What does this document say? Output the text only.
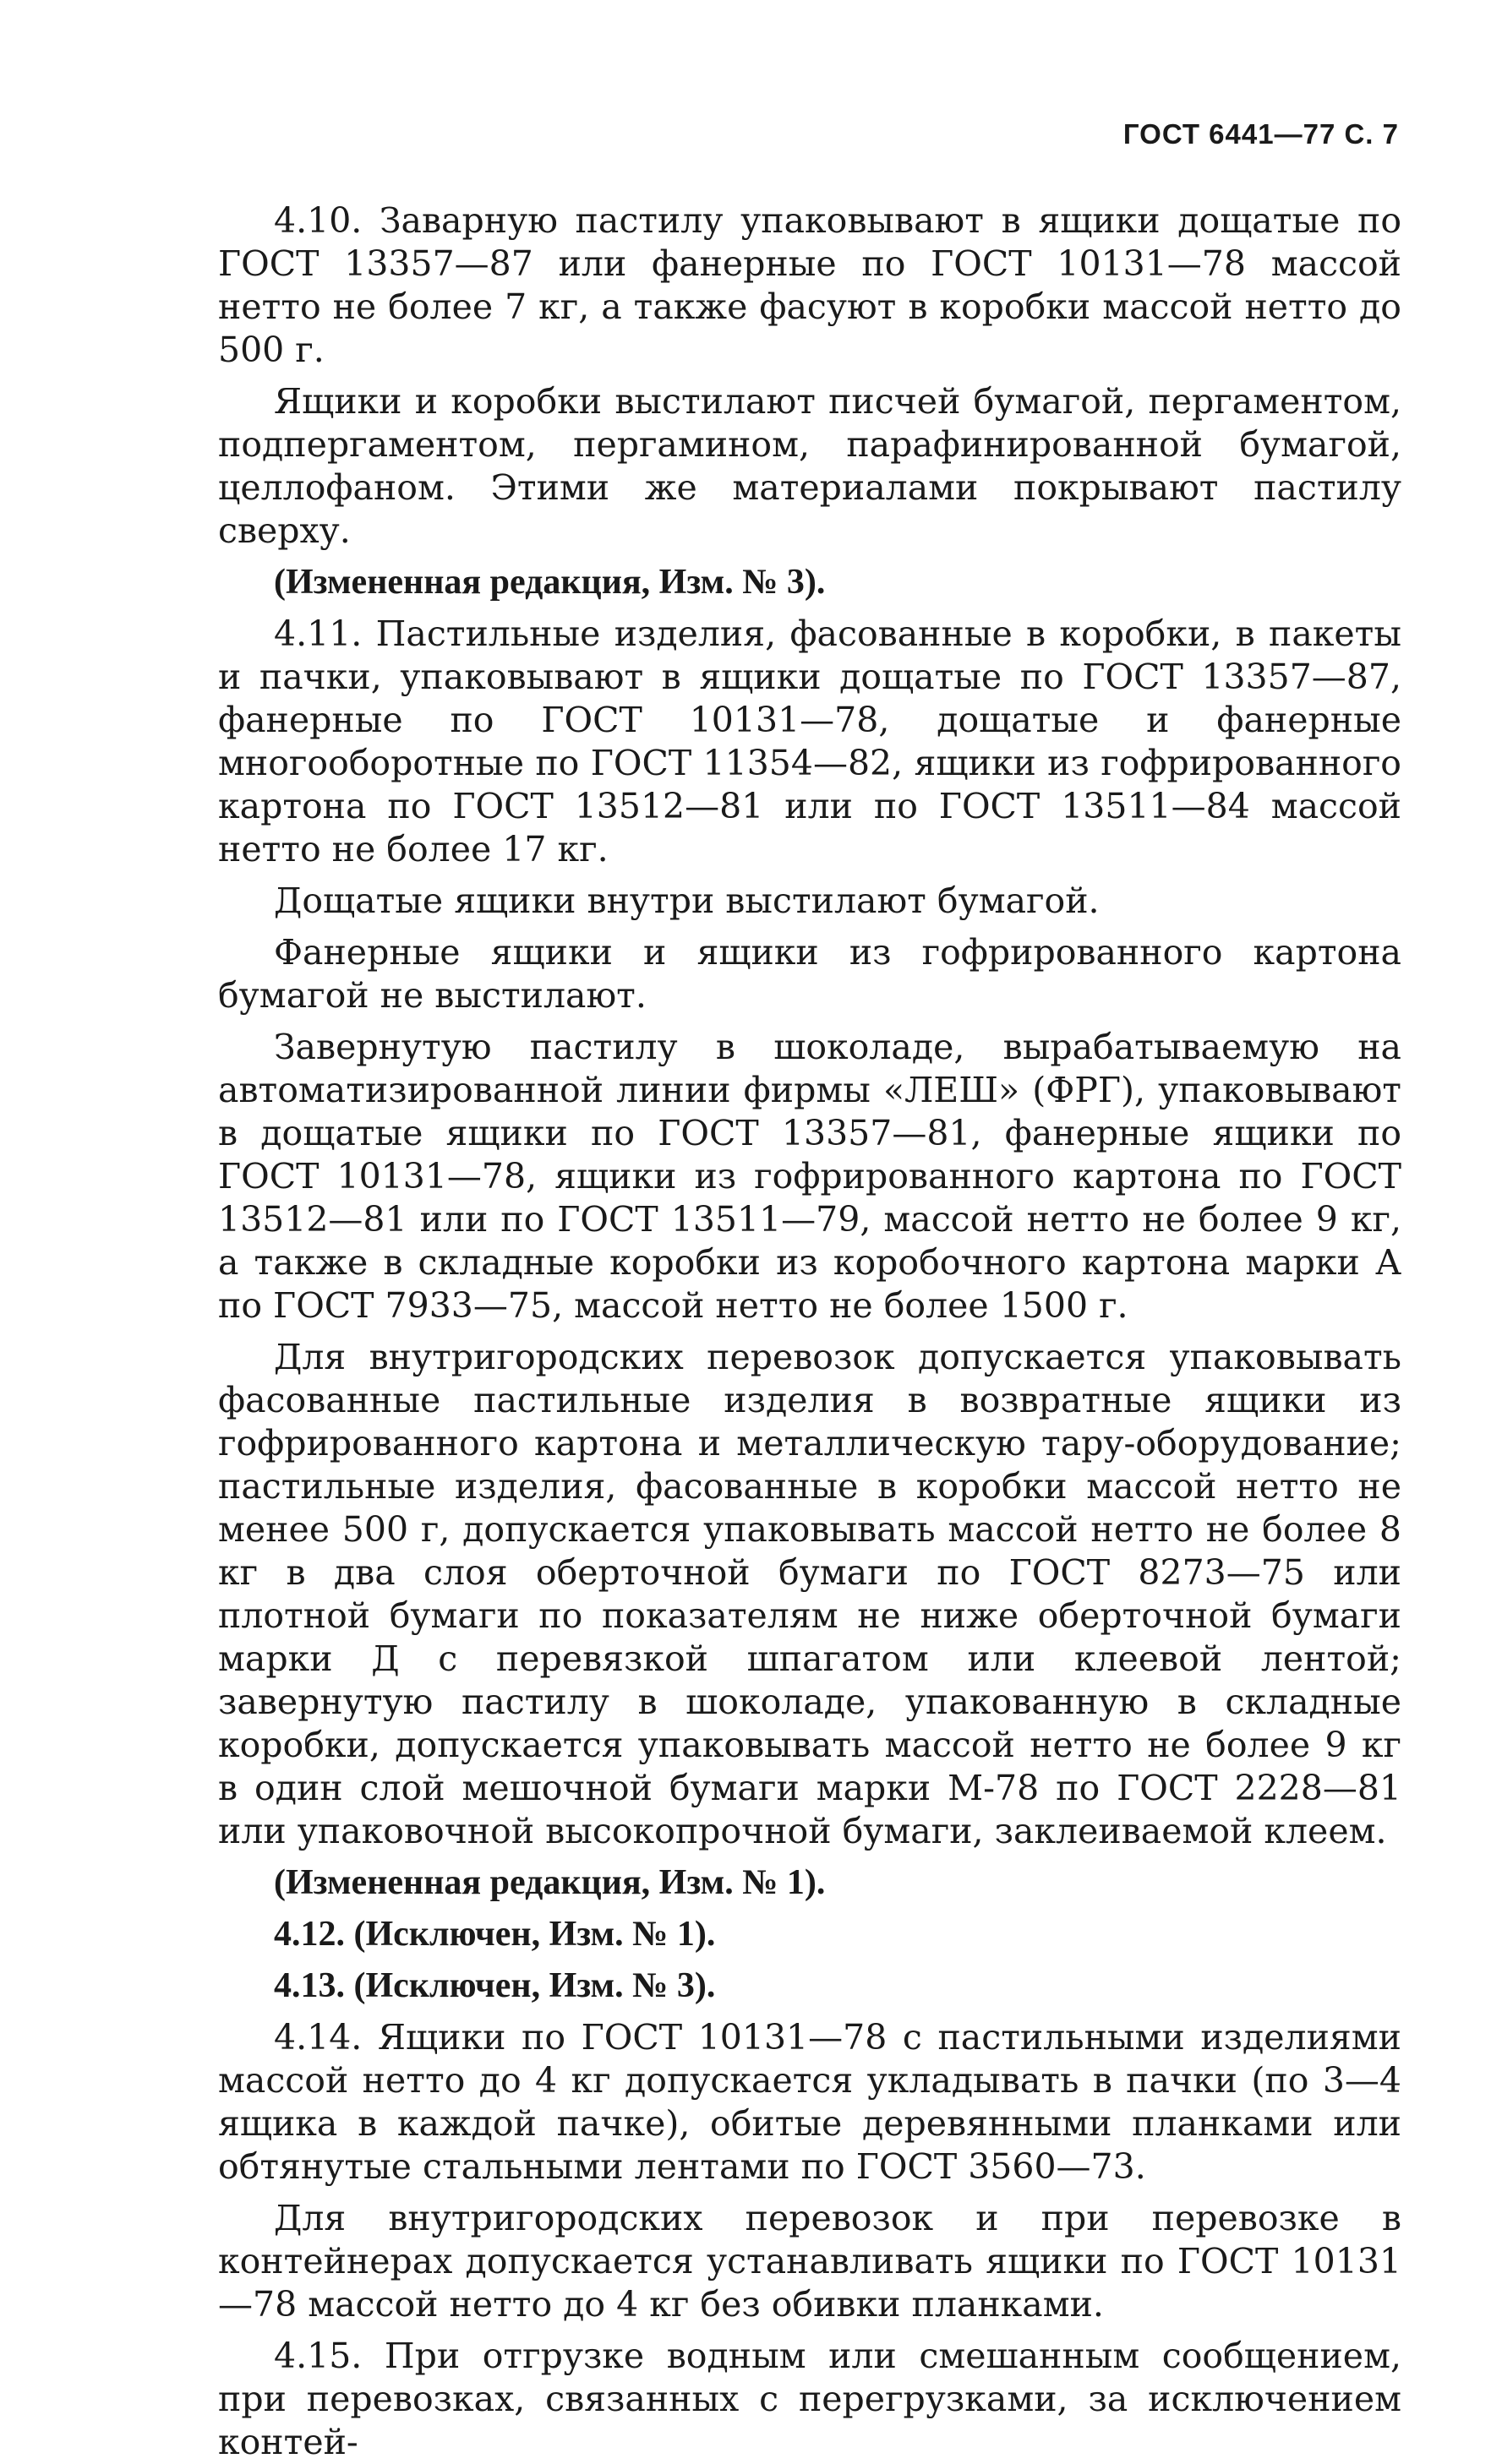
ГОСТ 6441—77 С. 7

4.10. Заварную пастилу упаковывают в ящики дощатые по ГОСТ 13357—87 или фанерные по ГОСТ 10131—78 массой нетто не более 7 кг, а также фасуют в коробки массой нетто до 500 г.

Ящики и коробки выстилают писчей бумагой, пергаментом, подпергаментом, пергамином, парафинированной бумагой, целлофаном. Этими же материалами покрывают пастилу сверху.

(Измененная редакция, Изм. № 3).

4.11. Пастильные изделия, фасованные в коробки, в пакеты и пачки, упаковывают в ящики дощатые по ГОСТ 13357—87, фанерные по ГОСТ 10131—78, дощатые и фанерные многооборотные по ГОСТ 11354—82, ящики из гофрированного картона по ГОСТ 13512—81 или по ГОСТ 13511—84 массой нетто не более 17 кг.

Дощатые ящики внутри выстилают бумагой.

Фанерные ящики и ящики из гофрированного картона бумагой не выстилают.

Завернутую пастилу в шоколаде, вырабатываемую на автоматизированной линии фирмы «ЛЕШ» (ФРГ), упаковывают в дощатые ящики по ГОСТ 13357—81, фанерные ящики по ГОСТ 10131—78, ящики из гофрированного картона по ГОСТ 13512—81 или по ГОСТ 13511—79, массой нетто не более 9 кг, а также в складные коробки из коробочного картона марки А по ГОСТ 7933—75, массой нетто не более 1500 г.

Для внутригородских перевозок допускается упаковывать фасованные пастильные изделия в возвратные ящики из гофрированного картона и металлическую тару-оборудование; пастильные изделия, фасованные в коробки массой нетто не менее 500 г, допускается упаковывать массой нетто не более 8 кг в два слоя оберточной бумаги по ГОСТ 8273—75 или плотной бумаги по показателям не ниже оберточной бумаги марки Д с перевязкой шпагатом или клеевой лентой; завернутую пастилу в шоколаде, упакованную в складные коробки, допускается упаковывать массой нетто не более 9 кг в один слой мешочной бумаги марки М-78 по ГОСТ 2228—81 или упаковочной высокопрочной бумаги, заклеиваемой клеем.

(Измененная редакция, Изм. № 1).

4.12. (Исключен, Изм. № 1).

4.13. (Исключен, Изм. № 3).

4.14. Ящики по ГОСТ 10131—78 с пастильными изделиями массой нетто до 4 кг допускается укладывать в пачки (по 3—4 ящика в каждой пачке), обитые деревянными планками или обтянутые стальными лентами по ГОСТ 3560—73.

Для внутригородских перевозок и при перевозке в контейнерах допускается устанавливать ящики по ГОСТ 10131—78 массой нетто до 4 кг без обивки планками.

4.15. При отгрузке водным или смешанным сообщением, при перевозках, связанных с перегрузками, за исключением контей-
